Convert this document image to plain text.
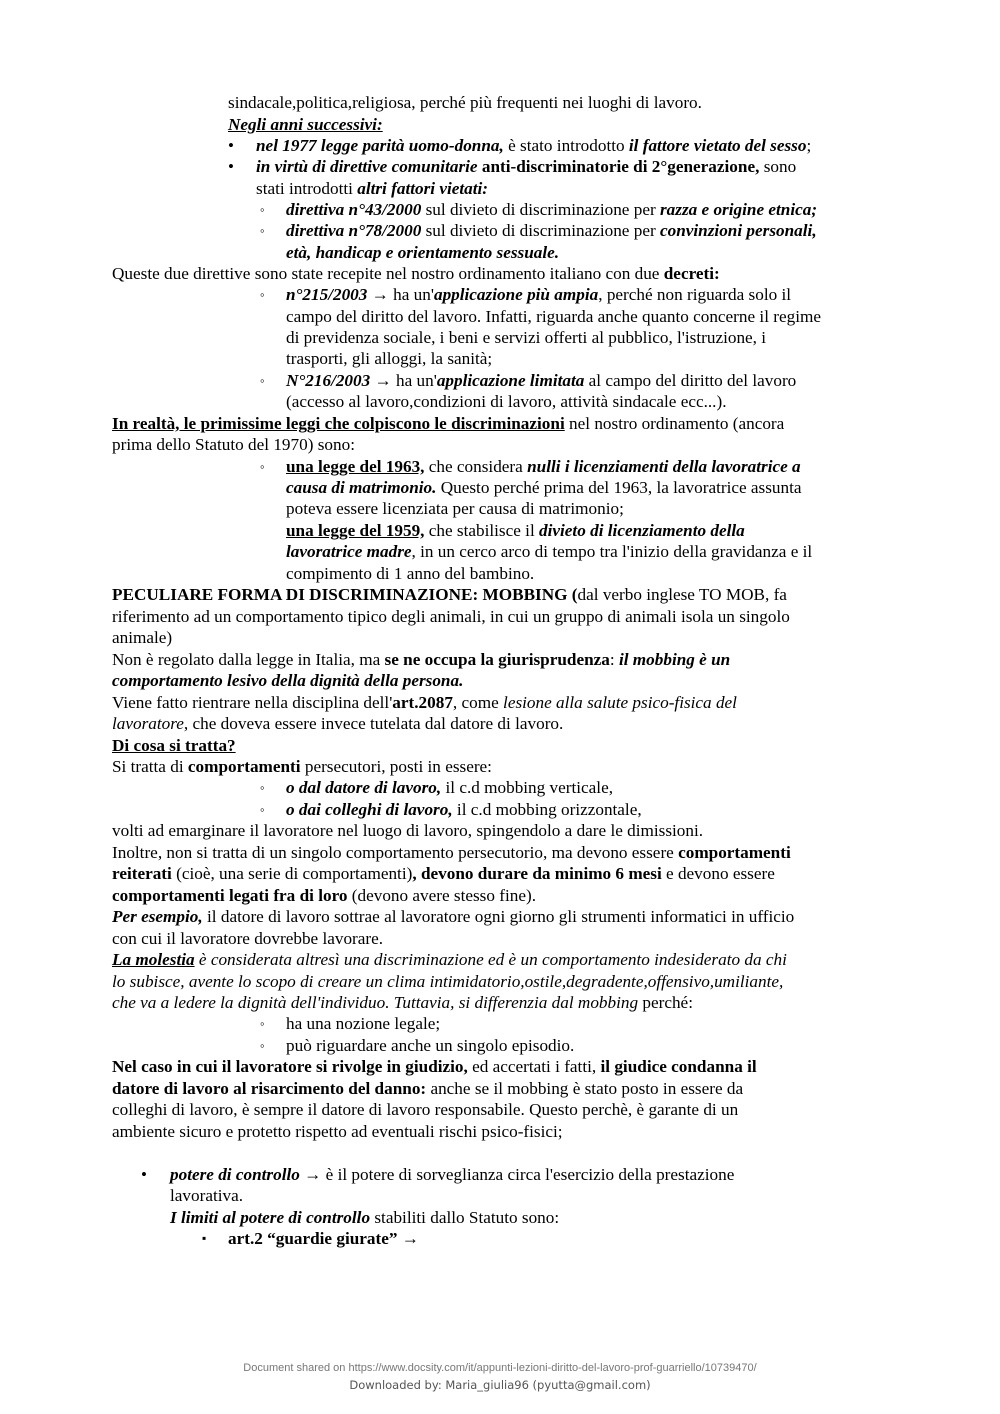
sindacale,politica,religiosa, perché più frequenti nei luoghi di lavoro.
Negli anni successivi:
• nel 1977 legge parità uomo-donna, è stato introdotto il fattore vietato del sesso;
• in virtù di direttive comunitarie anti-discriminatorie di 2°generazione, sono
stati introdotti altri fattori vietati:
◦ direttiva n°43/2000 sul divieto di discriminazione per razza e origine etnica;
◦ direttiva n°78/2000 sul divieto di discriminazione per convinzioni personali,
età, handicap e orientamento sessuale.
Queste due direttive sono state recepite nel nostro ordinamento italiano con due decreti:
◦ n°215/2003 → ha un'applicazione più ampia, perché non riguarda solo il
campo del diritto del lavoro. Infatti, riguarda anche quanto concerne il regime
di previdenza sociale, i beni e servizi offerti al pubblico, l'istruzione, i
trasporti, gli alloggi, la sanità;
◦ N°216/2003 → ha un'applicazione limitata al campo del diritto del lavoro
(accesso al lavoro,condizioni di lavoro, attività sindacale ecc...).
In realtà, le primissime leggi che colpiscono le discriminazioni nel nostro ordinamento (ancora
prima dello Statuto del 1970) sono:
◦ una legge del 1963, che considera nulli i licenziamenti della lavoratrice a
causa di matrimonio. Questo perché prima del 1963, la lavoratrice assunta
poteva essere licenziata per causa di matrimonio;
una legge del 1959, che stabilisce il divieto di licenziamento della
lavoratrice madre, in un cerco arco di tempo tra l'inizio della gravidanza e il
compimento di 1 anno del bambino.
PECULIARE FORMA DI DISCRIMINAZIONE: MOBBING (dal verbo inglese TO MOB, fa
riferimento ad un comportamento tipico degli animali, in cui un gruppo di animali isola un singolo
animale)
Non è regolato dalla legge in Italia, ma se ne occupa la giurisprudenza: il mobbing è un
comportamento lesivo della dignità della persona.
Viene fatto rientrare nella disciplina dell'art.2087, come lesione alla salute psico-fisica del
lavoratore, che doveva essere invece tutelata dal datore di lavoro.
Di cosa si tratta?
Si tratta di comportamenti persecutori, posti in essere:
◦ o dal datore di lavoro, il c.d mobbing verticale,
◦ o dai colleghi di lavoro, il c.d mobbing orizzontale,
volti ad emarginare il lavoratore nel luogo di lavoro, spingendolo a dare le dimissioni.
Inoltre, non si tratta di un singolo comportamento persecutorio, ma devono essere comportamenti
reiterati (cioè, una serie di comportamenti), devono durare da minimo 6 mesi e devono essere
comportamenti legati fra di loro (devono avere stesso fine).
Per esempio, il datore di lavoro sottrae al lavoratore ogni giorno gli strumenti informatici in ufficio
con cui il lavoratore dovrebbe lavorare.
La molestia è considerata altresì una discriminazione ed è un comportamento indesiderato da chi
lo subisce, avente lo scopo di creare un clima intimidatorio,ostile,degradente,offensivo,umiliante,
che va a ledere la dignità dell'individuo. Tuttavia, si differenzia dal mobbing perché:
◦ ha una nozione legale;
◦ può riguardare anche un singolo episodio.
Nel caso in cui il lavoratore si rivolge in giudizio, ed accertati i fatti, il giudice condanna il
datore di lavoro al risarcimento del danno: anche se il mobbing è stato posto in essere da
colleghi di lavoro, è sempre il datore di lavoro responsabile. Questo perchè, è garante di un
ambiente sicuro e protetto rispetto ad eventuali rischi psico-fisici;
• potere di controllo → è il potere di sorveglianza circa l'esercizio della prestazione
lavorativa.
I limiti al potere di controllo stabiliti dallo Statuto sono:
▪ art.2 “guardie giurate” →
Document shared on https://www.docsity.com/it/appunti-lezioni-diritto-del-lavoro-prof-guarriello/10739470/
Downloaded by: Maria_giulia96 (pyutta@gmail.com)
